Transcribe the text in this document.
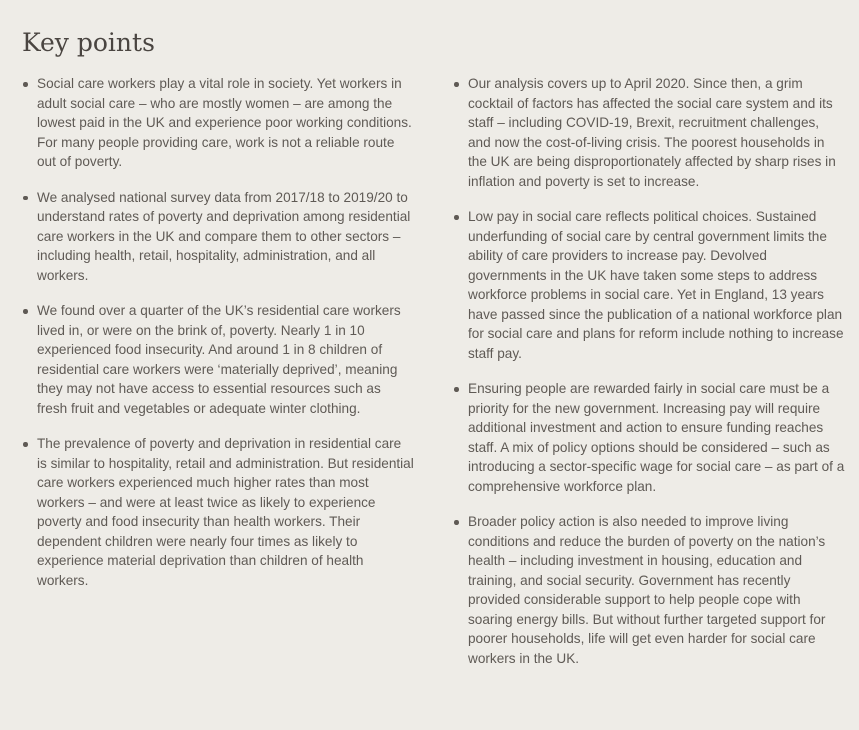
Key points
Social care workers play a vital role in society. Yet workers in adult social care – who are mostly women – are among the lowest paid in the UK and experience poor working conditions. For many people providing care, work is not a reliable route out of poverty.
We analysed national survey data from 2017/18 to 2019/20 to understand rates of poverty and deprivation among residential care workers in the UK and compare them to other sectors – including health, retail, hospitality, administration, and all workers.
We found over a quarter of the UK’s residential care workers lived in, or were on the brink of, poverty. Nearly 1 in 10 experienced food insecurity. And around 1 in 8 children of residential care workers were ‘materially deprived’, meaning they may not have access to essential resources such as fresh fruit and vegetables or adequate winter clothing.
The prevalence of poverty and deprivation in residential care is similar to hospitality, retail and administration. But residential care workers experienced much higher rates than most workers – and were at least twice as likely to experience poverty and food insecurity than health workers. Their dependent children were nearly four times as likely to experience material deprivation than children of health workers.
Our analysis covers up to April 2020. Since then, a grim cocktail of factors has affected the social care system and its staff – including COVID-19, Brexit, recruitment challenges, and now the cost-of-living crisis. The poorest households in the UK are being disproportionately affected by sharp rises in inflation and poverty is set to increase.
Low pay in social care reflects political choices. Sustained underfunding of social care by central government limits the ability of care providers to increase pay. Devolved governments in the UK have taken some steps to address workforce problems in social care. Yet in England, 13 years have passed since the publication of a national workforce plan for social care and plans for reform include nothing to increase staff pay.
Ensuring people are rewarded fairly in social care must be a priority for the new government. Increasing pay will require additional investment and action to ensure funding reaches staff. A mix of policy options should be considered – such as introducing a sector-specific wage for social care – as part of a comprehensive workforce plan.
Broader policy action is also needed to improve living conditions and reduce the burden of poverty on the nation’s health – including investment in housing, education and training, and social security. Government has recently provided considerable support to help people cope with soaring energy bills. But without further targeted support for poorer households, life will get even harder for social care workers in the UK.
